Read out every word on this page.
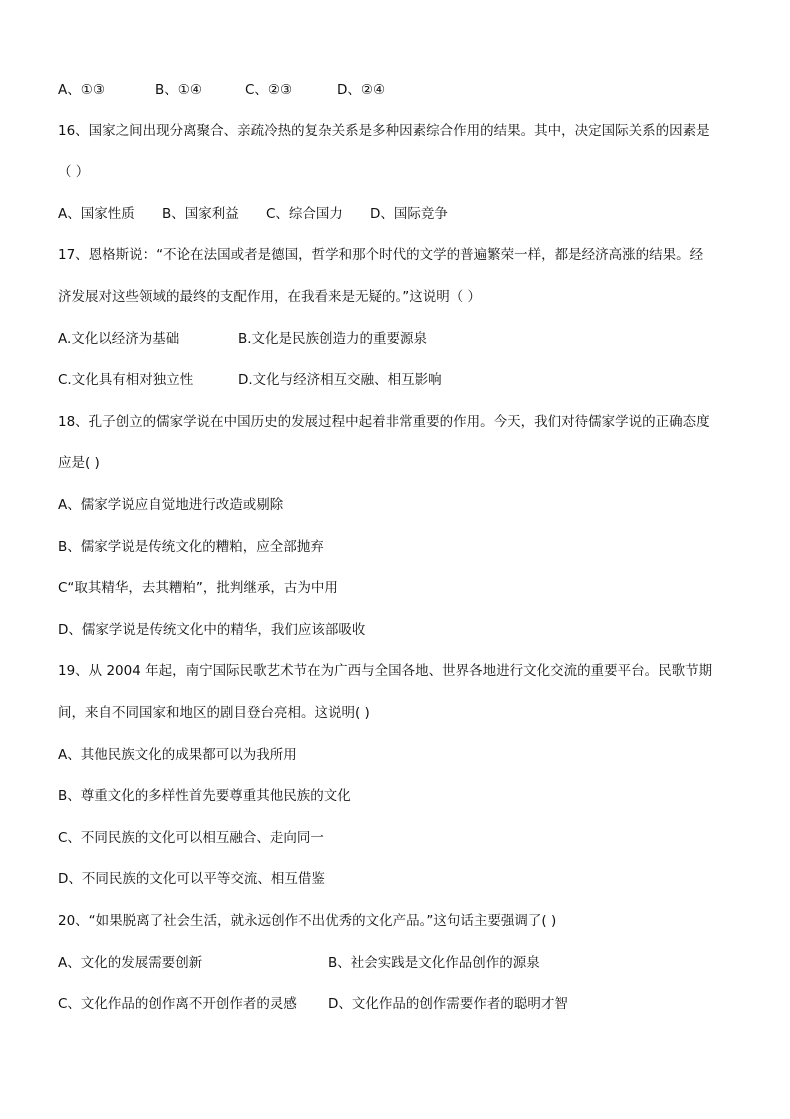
A、①③	B、①④	C、②③	D、②④
16、国家之间出现分离聚合、亲疏冷热的复杂关系是多种因素综合作用的结果。其中，决定国际关系的因素是
（ ）
A、国家性质 B、国家利益 C、综合国力 D、国际竞争
17、恩格斯说：“不论在法国或者是德国，哲学和那个时代的文学的普遍繁荣一样，都是经济高涨的结果。经
济发展对这些领域的最终的支配作用，在我看来是无疑的。”这说明（ ）
A.文化以经济为基础	B.文化是民族创造力的重要源泉
C.文化具有相对独立性	D.文化与经济相互交融、相互影响
18、孔子创立的儒家学说在中国历史的发展过程中起着非常重要的作用。今天，我们对待儒家学说的正确态度
应是( )
A、儒家学说应自觉地进行改造或剔除
B、儒家学说是传统文化的糟粕，应全部抛弃
C“取其精华，去其糟粕”，批判继承，古为中用
D、儒家学说是传统文化中的精华，我们应该部吸收
19、从 2004 年起，南宁国际民歌艺术节在为广西与全国各地、世界各地进行文化交流的重要平台。民歌节期
间，来自不同国家和地区的剧目登台亮相。这说明( )
A、其他民族文化的成果都可以为我所用
B、尊重文化的多样性首先要尊重其他民族的文化
C、不同民族的文化可以相互融合、走向同一
D、不同民族的文化可以平等交流、相互借鉴
20、“如果脱离了社会生活，就永远创作不出优秀的文化产品。”这句话主要强调了( )
A、文化的发展需要创新	B、社会实践是文化作品创作的源泉
C、文化作品的创作离不开创作者的灵感 D、文化作品的创作需要作者的聪明才智
